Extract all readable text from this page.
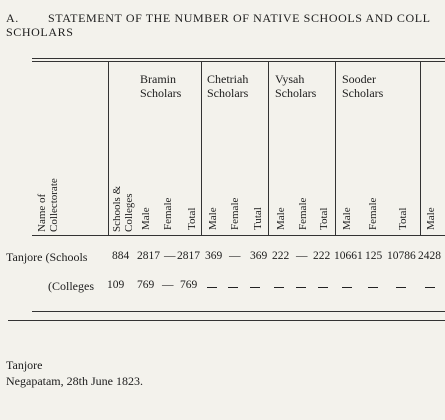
A. STATEMENT OF THE NUMBER OF NATIVE SCHOOLS AND COLL
SCHOLARS
Bramin
Scholars
Chetriah
Scholars
Vysah
Scholars
Sooder
Scholars
Name of Collectorate	Schools & Colleges Male Female Total Male Female Tutal Male Female Total Male Female Total Male
Tanjore (Schools 884 2817 — 2817 369 — 369 222 — 222 10661 125 10786 2428
(Colleges 109 769 — 769
Tanjore
Negapatam, 28th June 1823.
